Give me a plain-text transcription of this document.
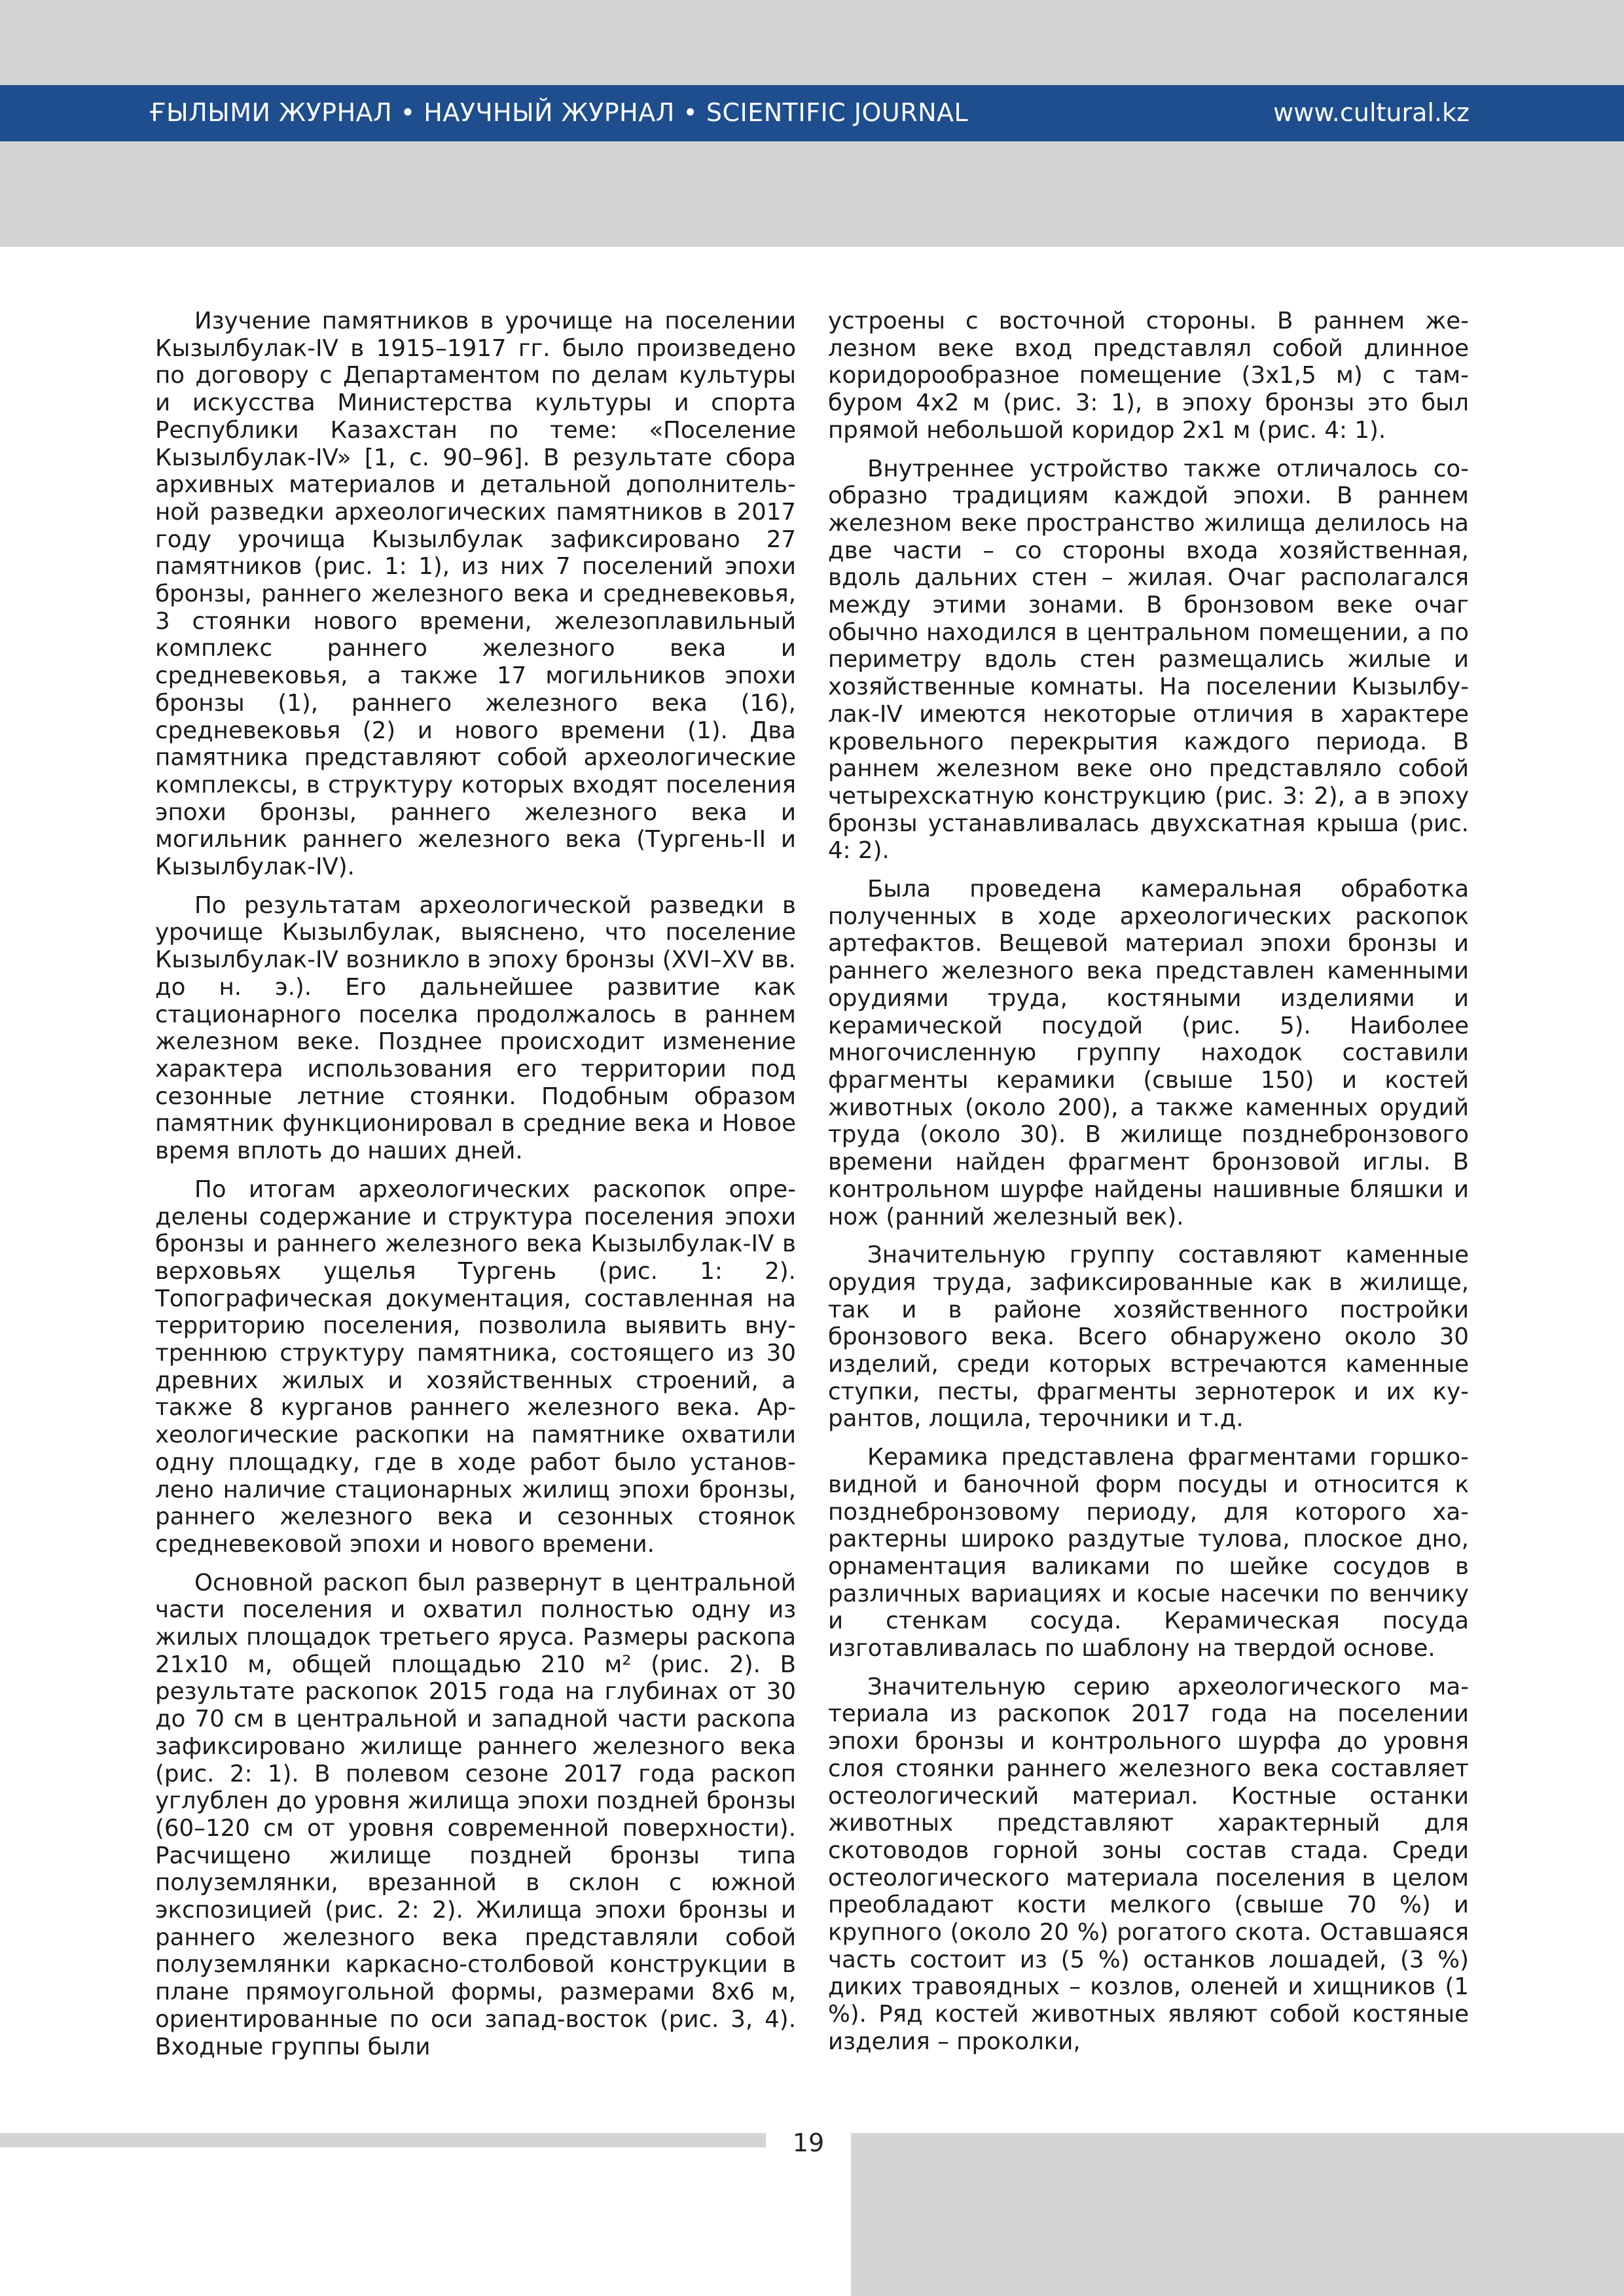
ҒЫЛЫМИ ЖУРНАЛ • НАУЧНЫЙ ЖУРНАЛ • SCIENTIFIC JOURNAL	www.cultural.kz

Изучение памятников в урочище на поселении Кызылбулак-IV в 1915–1917 гг. было произведено по договору с Департаментом по делам культуры и искусства Министерства культуры и спорта Республики Казахстан по теме: «Поселение Кызылбулак-IV» [1, с. 90–96]. В результате сбора архивных материалов и детальной дополнительной разведки археологических памятников в 2017 году урочища Кызылбулак зафиксировано 27 памятников (рис. 1: 1), из них 7 поселений эпохи бронзы, раннего железного века и средневековья, 3 стоянки нового времени, железоплавильный комплекс раннего железного века и средневековья, а также 17 могильников эпохи бронзы (1), раннего железного века (16), средневековья (2) и нового времени (1). Два памятника представляют собой археологические комплексы, в структуру которых входят поселения эпохи бронзы, раннего железного века и могильник раннего железного века (Тургень-II и Кызылбулак-IV).

По результатам археологической разведки в урочище Кызылбулак, выяснено, что поселение Кызылбулак-IV возникло в эпоху бронзы (XVI–XV вв. до н. э.). Его дальнейшее развитие как стационарного поселка продолжалось в раннем железном веке. Позднее происходит изменение характера использования его территории под сезонные летние стоянки. Подобным образом памятник функционировал в средние века и Новое время вплоть до наших дней.

По итогам археологических раскопок определены содержание и структура поселения эпохи бронзы и раннего железного века Кызылбулак-IV в верховьях ущелья Тургень (рис. 1: 2). Топографическая документация, составленная на территорию поселения, позволила выявить внутреннюю структуру памятника, состоящего из 30 древних жилых и хозяйственных строений, а также 8 курганов раннего железного века. Археологические раскопки на памятнике охватили одну площадку, где в ходе работ было установлено наличие стационарных жилищ эпохи бронзы, раннего железного века и сезонных стоянок средневековой эпохи и нового времени.

Основной раскоп был развернут в центральной части поселения и охватил полностью одну из жилых площадок третьего яруса. Размеры раскопа 21х10 м, общей площадью 210 м² (рис. 2). В результате раскопок 2015 года на глубинах от 30 до 70 см в центральной и западной части раскопа зафиксировано жилище раннего железного века (рис. 2: 1). В полевом сезоне 2017 года раскоп углублен до уровня жилища эпохи поздней бронзы (60–120 см от уровня современной поверхности). Расчищено жилище поздней бронзы типа полуземлянки, врезанной в склон с южной экспозицией (рис. 2: 2). Жилища эпохи бронзы и раннего железного века представляли собой полуземлянки каркасно-столбовой конструкции в плане прямоугольной формы, размерами 8х6 м, ориентированные по оси запад-восток (рис. 3, 4). Входные группы были

устроены с восточной стороны. В раннем железном веке вход представлял собой длинное коридорообразное помещение (3х1,5 м) с тамбуром 4х2 м (рис. 3: 1), в эпоху бронзы это был прямой небольшой коридор 2х1 м (рис. 4: 1).

Внутреннее устройство также отличалось сообразно традициям каждой эпохи. В раннем железном веке пространство жилища делилось на две части – со стороны входа хозяйственная, вдоль дальних стен – жилая. Очаг располагался между этими зонами. В бронзовом веке очаг обычно находился в центральном помещении, а по периметру вдоль стен размещались жилые и хозяйственные комнаты. На поселении Кызылбулак-IV имеются некоторые отличия в характере кровельного перекрытия каждого периода. В раннем железном веке оно представляло собой четырехскатную конструкцию (рис. 3: 2), а в эпоху бронзы устанавливалась двухскатная крыша (рис. 4: 2).

Была проведена камеральная обработка полученных в ходе археологических раскопок артефактов. Вещевой материал эпохи бронзы и раннего железного века представлен каменными орудиями труда, костяными изделиями и керамической посудой (рис. 5). Наиболее многочисленную группу находок составили фрагменты керамики (свыше 150) и костей животных (около 200), а также каменных орудий труда (около 30). В жилище позднебронзового времени найден фрагмент бронзовой иглы. В контрольном шурфе найдены нашивные бляшки и нож (ранний железный век).

Значительную группу составляют каменные орудия труда, зафиксированные как в жилище, так и в районе хозяйственного постройки бронзового века. Всего обнаружено около 30 изделий, среди которых встречаются каменные ступки, песты, фрагменты зернотерок и их курантов, лощила, терочники и т.д.

Керамика представлена фрагментами горшковидной и баночной форм посуды и относится к позднебронзовому периоду, для которого характерны широко раздутые тулова, плоское дно, орнаментация валиками по шейке сосудов в различных вариациях и косые насечки по венчику и стенкам сосуда. Керамическая посуда изготавливалась по шаблону на твердой основе.

Значительную серию археологического материала из раскопок 2017 года на поселении эпохи бронзы и контрольного шурфа до уровня слоя стоянки раннего железного века составляет остеологический материал. Костные останки животных представляют характерный для скотоводов горной зоны состав стада. Среди остеологического материала поселения в целом преобладают кости мелкого (свыше 70 %) и крупного (около 20 %) рогатого скота. Оставшаяся часть состоит из (5 %) останков лошадей, (3 %) диких травоядных – козлов, оленей и хищников (1 %). Ряд костей животных являют собой костяные изделия – проколки,

19
